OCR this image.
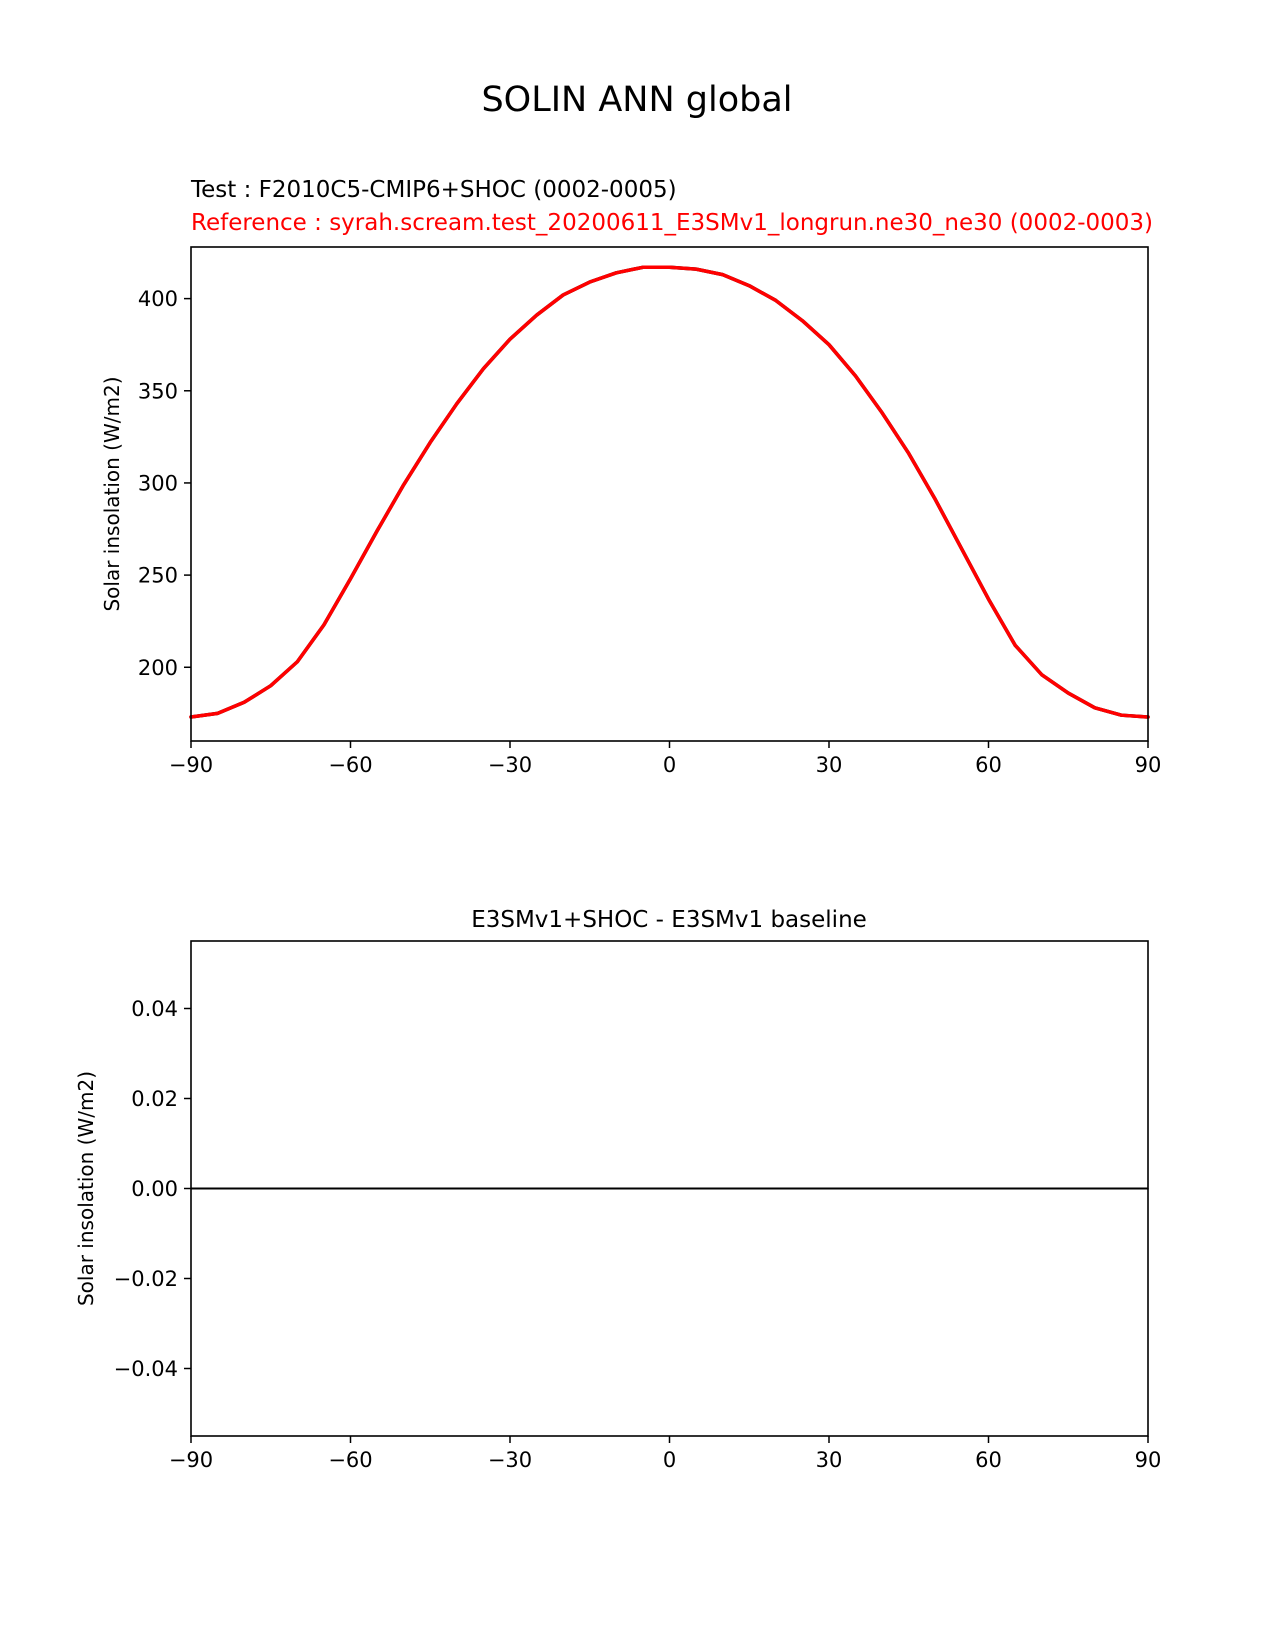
SOLIN ANN global
Test : F2010C5-CMIP6+SHOC (0002-0005)
Reference : syrah.scream.test_20200611_E3SMv1_longrun.ne30_ne30 (0002-0003)
Solar insolation (W/m2)
−90	−60	−30	0	30	60	90
200
250
300
350
400
E3SMv1+SHOC - E3SMv1 baseline
Solar insolation (W/m2)
−90	−60	−30	0	30	60	90
−0.04
−0.02
0.00
0.02
0.04
